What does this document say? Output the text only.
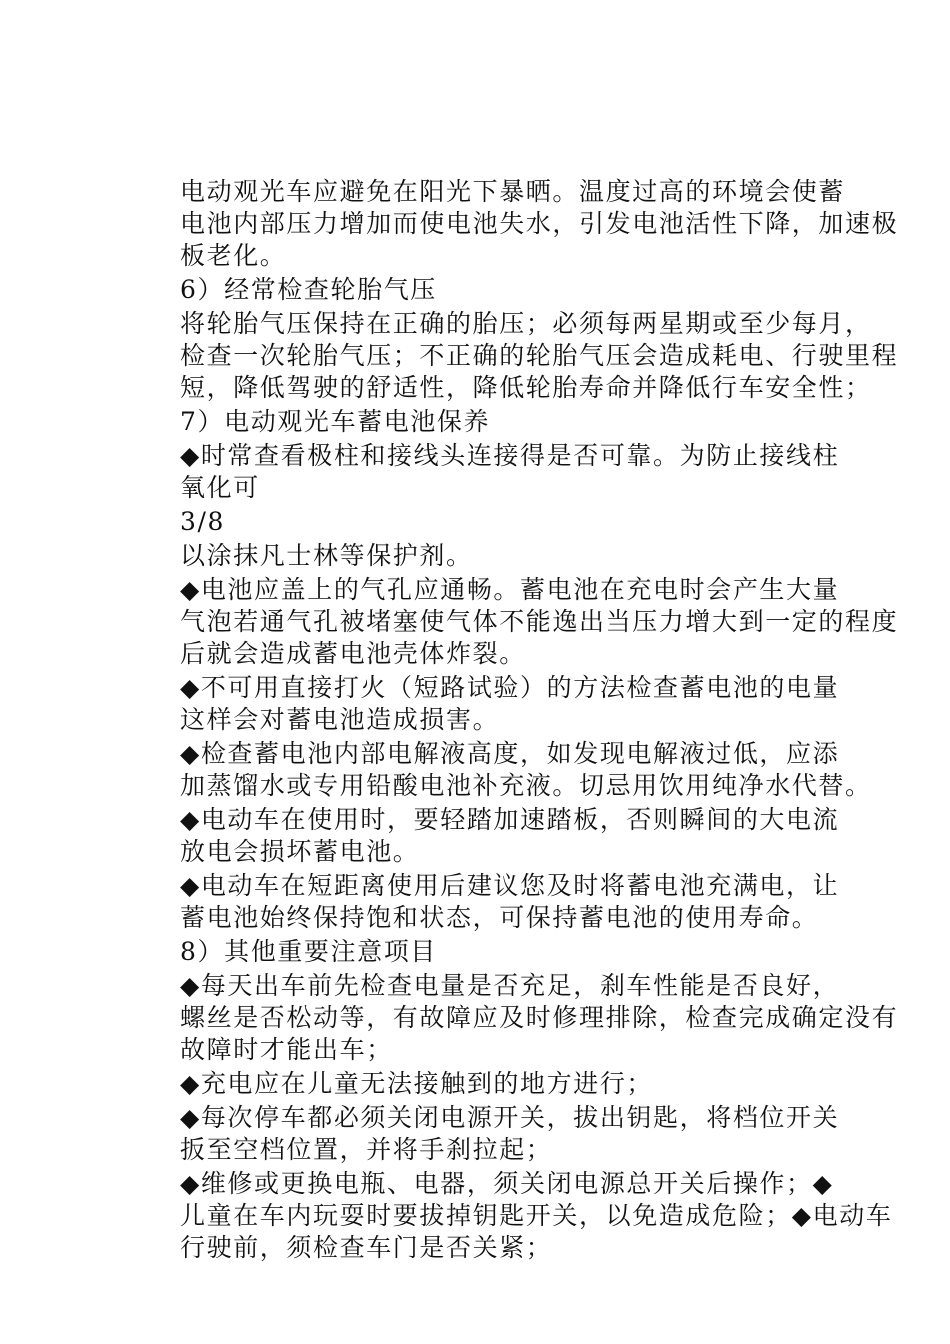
电动观光车应避免在阳光下暴晒。温度过高的环境会使蓄
电池内部压力增加而使电池失水，引发电池活性下降，加速极
板老化。

6）经常检查轮胎气压

将轮胎气压保持在正确的胎压；必须每两星期或至少每月，
检查一次轮胎气压；不正确的轮胎气压会造成耗电、行驶里程
短，降低驾驶的舒适性，降低轮胎寿命并降低行车安全性；

7）电动观光车蓄电池保养

◆时常查看极柱和接线头连接得是否可靠。为防止接线柱
氧化可

3/8

以涂抹凡士林等保护剂。

◆电池应盖上的气孔应通畅。蓄电池在充电时会产生大量
气泡若通气孔被堵塞使气体不能逸出当压力增大到一定的程度
后就会造成蓄电池壳体炸裂。

◆不可用直接打火（短路试验）的方法检查蓄电池的电量
这样会对蓄电池造成损害。

◆检查蓄电池内部电解液高度，如发现电解液过低，应添
加蒸馏水或专用铅酸电池补充液。切忌用饮用纯净水代替。

◆电动车在使用时，要轻踏加速踏板，否则瞬间的大电流
放电会损坏蓄电池。

◆电动车在短距离使用后建议您及时将蓄电池充满电，让
蓄电池始终保持饱和状态，可保持蓄电池的使用寿命。

8）其他重要注意项目

◆每天出车前先检查电量是否充足，刹车性能是否良好，
螺丝是否松动等，有故障应及时修理排除，检查完成确定没有
故障时才能出车；

◆充电应在儿童无法接触到的地方进行；

◆每次停车都必须关闭电源开关，拔出钥匙，将档位开关
扳至空档位置，并将手刹拉起；

◆维修或更换电瓶、电器，须关闭电源总开关后操作；◆
儿童在车内玩耍时要拔掉钥匙开关，以免造成危险；◆电动车
行驶前，须检查车门是否关紧；
